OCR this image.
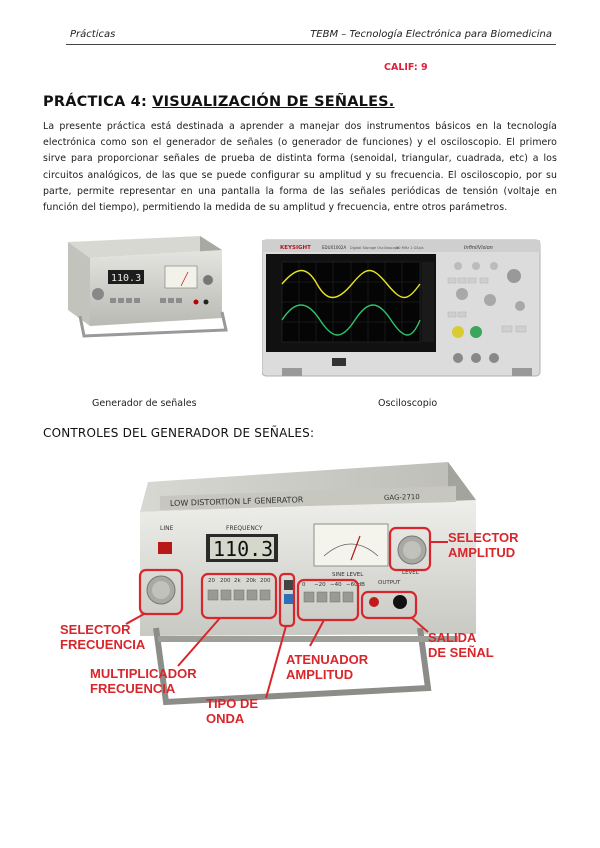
Prácticas	TEBM – Tecnología Electrónica para Biomedicina
CALIF: 9
PRÁCTICA 4: VISUALIZACIÓN DE SEÑALES.
La presente práctica está destinada a aprender a manejar dos instrumentos básicos en la tecnología electrónica como son el generador de señales (o generador de funciones) y el osciloscopio. El primero sirve para proporcionar señales de prueba de distinta forma (senoidal, triangular, cuadrada, etc) a los circuitos analógicos, de las que se puede configurar su amplitud y su frecuencia. El osciloscopio, por su parte, permite representar en una pantalla la forma de las señales periódicas de tensión (voltaje en función del tiempo), permitiendo la medida de su amplitud y frecuencia, entre otros parámetros.
110.3
KEYSIGHT	EDUX1002A Digital Storage Oscilloscope
50 MHz 1 GSa/s	InfiniiVision
Generador de señales	Osciloscopio
CONTROLES DEL GENERADOR DE SEÑALES:
LOW DISTORTION LF GENERATOR	GAG-2710
LINE	FREQUENCY
110.3
SINE LEVEL	LEVEL
20 200 2k 20k 200
0 −20 −40 −60dB OUTPUT
SELECTOR
AMPLITUD
SELECTOR
FRECUENCIA
MULTIPLICADOR
FRECUENCIA
TIPO DE
ONDA
ATENUADOR
AMPLITUD
SALIDA
DE SEÑAL
